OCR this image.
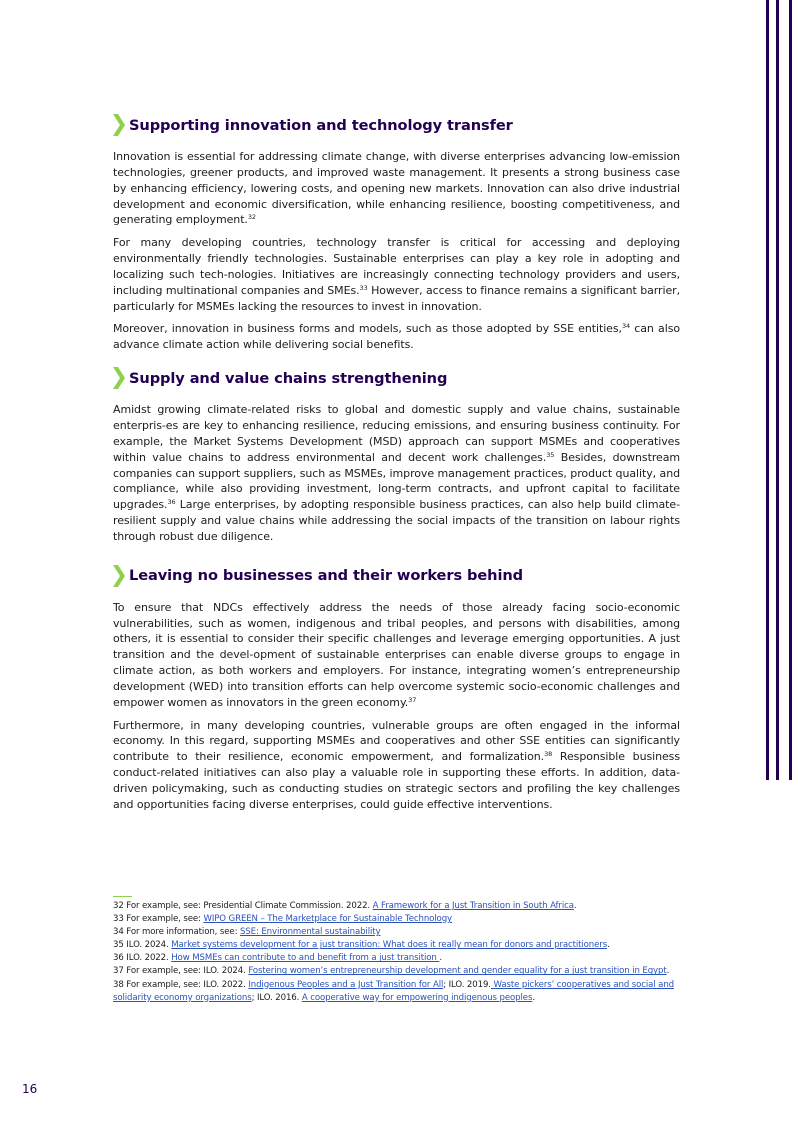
Supporting innovation and technology transfer

Innovation is essential for addressing climate change, with diverse enterprises advancing low-emission technologies, greener products, and improved waste management. It presents a strong business case by enhancing efficiency, lowering costs, and opening new markets. Innovation can also drive industrial development and economic diversification, while enhancing resilience, boosting competitiveness, and generating employment.$^{32}$

For many developing countries, technology transfer is critical for accessing and deploying environmentally friendly technologies. Sustainable enterprises can play a key role in adopting and localizing such tech-nologies. Initiatives are increasingly connecting technology providers and users, including multinational companies and SMEs.$^{33}$ However, access to finance remains a significant barrier, particularly for MSMEs lacking the resources to invest in innovation.

Moreover, innovation in business forms and models, such as those adopted by SSE entities,$^{34}$ can also advance climate action while delivering social benefits.

Supply and value chains strengthening

Amidst growing climate-related risks to global and domestic supply and value chains, sustainable enterpris-es are key to enhancing resilience, reducing emissions, and ensuring business continuity. For example, the Market Systems Development (MSD) approach can support MSMEs and cooperatives within value chains to address environmental and decent work challenges.$^{35}$ Besides, downstream companies can support suppliers, such as MSMEs, improve management practices, product quality, and compliance, while also providing investment, long-term contracts, and upfront capital to facilitate upgrades.$^{36}$ Large enterprises, by adopting responsible business practices, can also help build climate-resilient supply and value chains while addressing the social impacts of the transition on labour rights through robust due diligence.

Leaving no businesses and their workers behind

To ensure that NDCs effectively address the needs of those already facing socio-economic vulnerabilities, such as women, indigenous and tribal peoples, and persons with disabilities, among others, it is essential to consider their specific challenges and leverage emerging opportunities. A just transition and the devel-opment of sustainable enterprises can enable diverse groups to engage in climate action, as both workers and employers. For instance, integrating women’s entrepreneurship development (WED) into transition efforts can help overcome systemic socio-economic challenges and empower women as innovators in the green economy.$^{37}$

Furthermore, in many developing countries, vulnerable groups are often engaged in the informal economy. In this regard, supporting MSMEs and cooperatives and other SSE entities can significantly contribute to their resilience, economic empowerment, and formalization.$^{38}$ Responsible business conduct-related initiatives can also play a valuable role in supporting these efforts. In addition, data-driven policymaking, such as conducting studies on strategic sectors and profiling the key challenges and opportunities facing diverse enterprises, could guide effective interventions.

32 For example, see: Presidential Climate Commission. 2022. A Framework for a Just Transition in South Africa.
33 For example, see: WIPO GREEN – The Marketplace for Sustainable Technology
34 For more information, see: SSE: Environmental sustainability
35 ILO. 2024. Market systems development for a just transition: What does it really mean for donors and practitioners.
36 ILO. 2022. How MSMEs can contribute to and benefit from a just transition .
37 For example, see: ILO. 2024. Fostering women’s entrepreneurship development and gender equality for a just transition in Egypt.
38 For example, see: ILO. 2022. Indigenous Peoples and a Just Transition for All; ILO. 2019. Waste pickers’ cooperatives and social and solidarity economy organizations; ILO. 2016. A cooperative way for empowering indigenous peoples.
16
